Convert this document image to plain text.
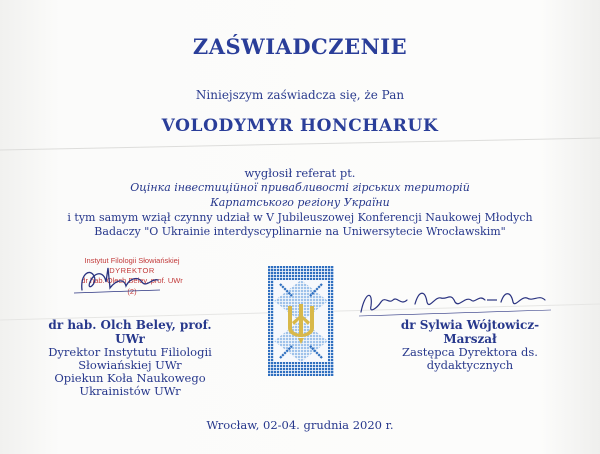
ZAŚWIADCZENIE
Niniejszym zaświadcza się, że Pan
VOLODYMYR HONCHARUK
wygłosił referat pt.
Оцінка інвестиційної привабливості гірських територій
Карпатського регіону України
i tym samym wziął czynny udział w V Jubileuszowej Konferencji Naukowej Młodych
Badaczy "O Ukrainie interdyscyplinarnie na Uniwersytecie Wrocławskim"
Instytut Filologii Słowiańskiej
DYREKTOR
dr hab. Olech Beley, prof. UWr
(2)
dr hab. Olch Beley, prof.
UWr
Dyrektor Instytutu Filiologii
Słowiańskiej UWr
Opiekun Koła Naukowego
Ukrainistów UWr
dr Sylwia Wójtowicz-
Marszał
Zastępca Dyrektora ds.
dydaktycznych
Wrocław, 02-04. grudnia 2020 r.
